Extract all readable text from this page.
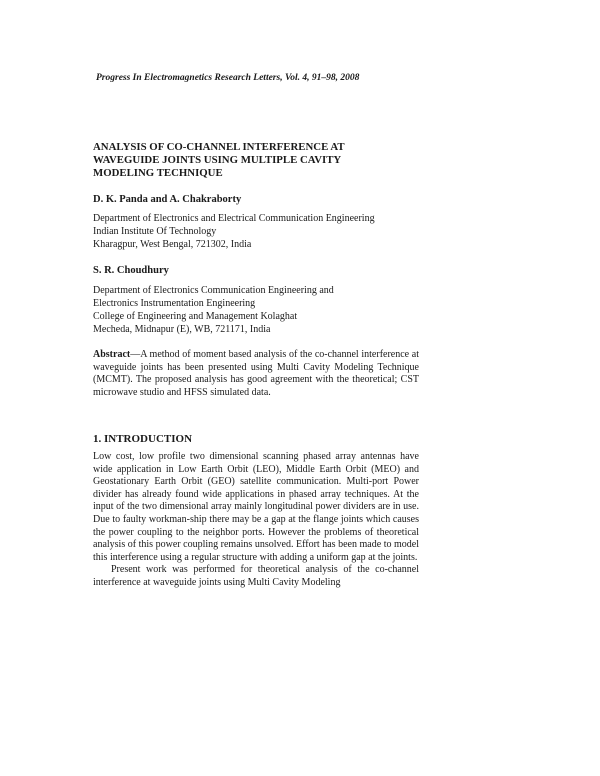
Progress In Electromagnetics Research Letters, Vol. 4, 91–98, 2008
ANALYSIS OF CO-CHANNEL INTERFERENCE AT
WAVEGUIDE JOINTS USING MULTIPLE CAVITY
MODELING TECHNIQUE
D. K. Panda and A. Chakraborty
Department of Electronics and Electrical Communication Engineering
Indian Institute Of Technology
Kharagpur, West Bengal, 721302, India
S. R. Choudhury
Department of Electronics Communication Engineering and
Electronics Instrumentation Engineering
College of Engineering and Management Kolaghat
Mecheda, Midnapur (E), WB, 721171, India

Abstract—A method of moment based analysis of the co-channel interference at waveguide joints has been presented using Multi Cavity Modeling Technique (MCMT). The proposed analysis has good agreement with the theoretical; CST microwave studio and HFSS simulated data.

1. INTRODUCTION

Low cost, low profile two dimensional scanning phased array antennas have wide application in Low Earth Orbit (LEO), Middle Earth Orbit (MEO) and Geostationary Earth Orbit (GEO) satellite communication. Multi-port Power divider has already found wide applications in phased array techniques. At the input of the two dimensional array mainly longitudinal power dividers are in use. Due to faulty workman-ship there may be a gap at the flange joints which causes the power coupling to the neighbor ports. However the problems of theoretical analysis of this power coupling remains unsolved. Effort has been made to model this interference using a regular structure with adding a uniform gap at the joints.

Present work was performed for theoretical analysis of the co-channel interference at waveguide joints using Multi Cavity Modeling
